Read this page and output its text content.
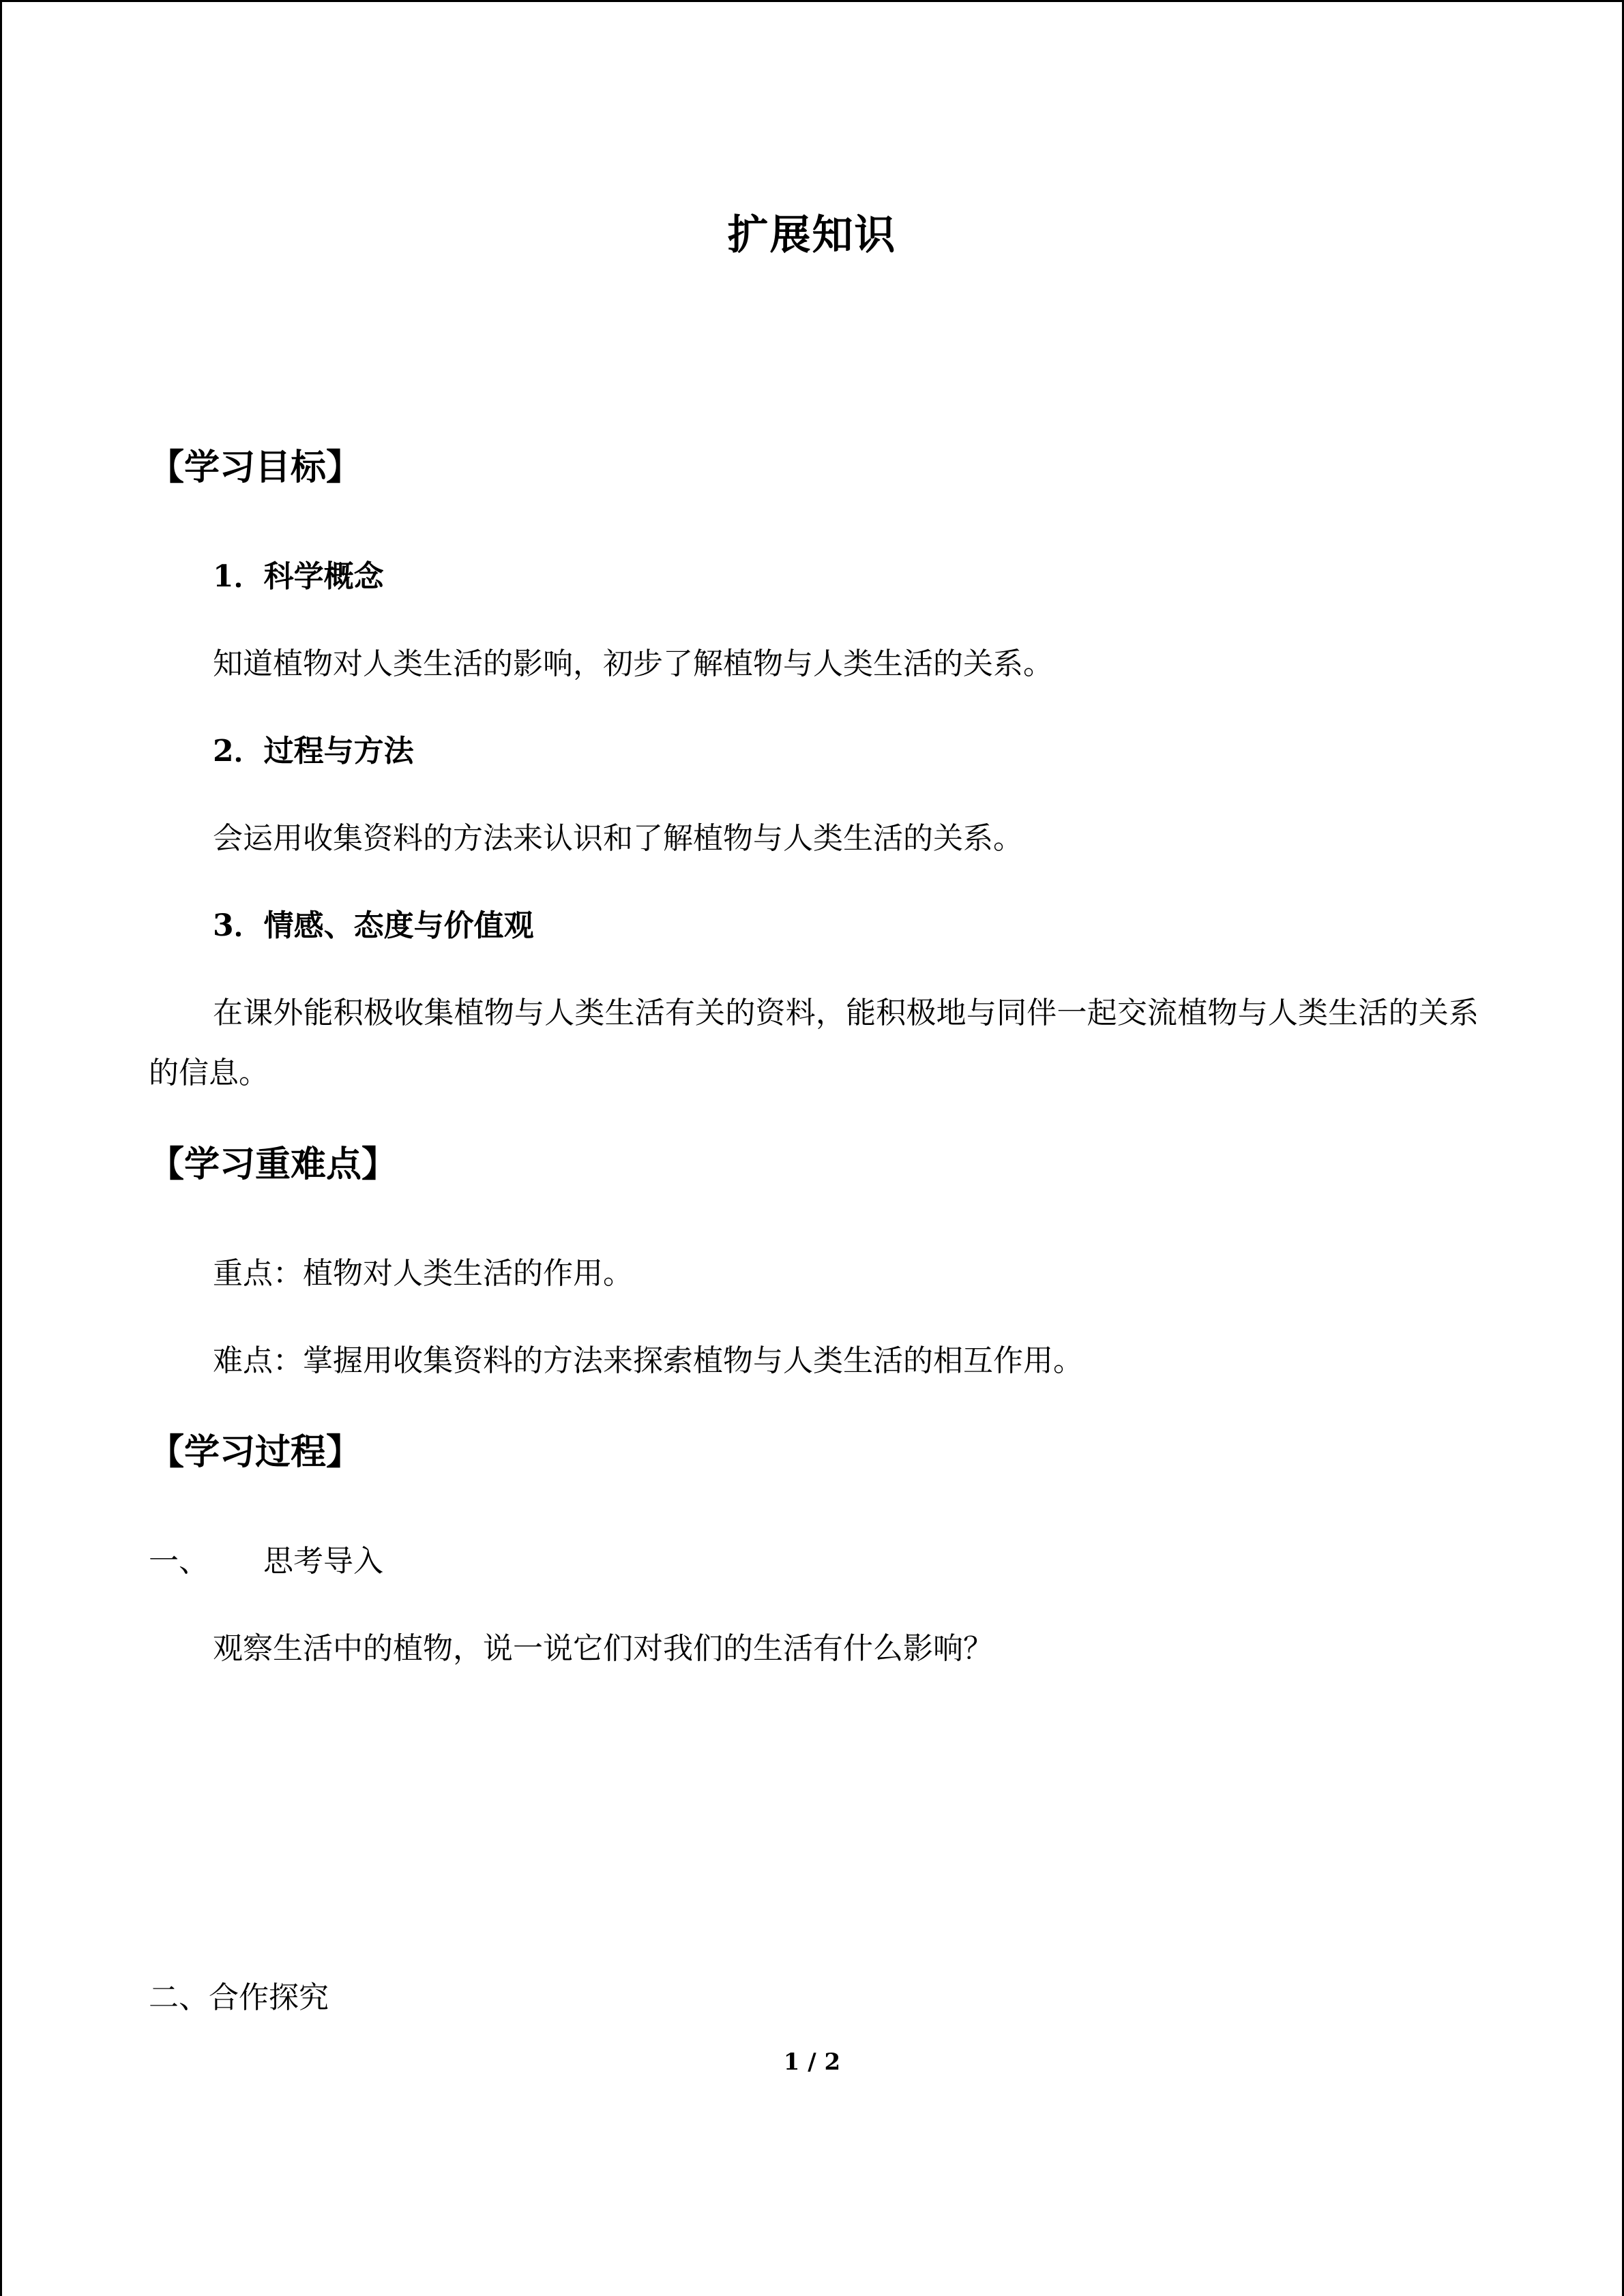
扩展知识
【学习目标】
1．科学概念
知道植物对人类生活的影响，初步了解植物与人类生活的关系。
2．过程与方法
会运用收集资料的方法来认识和了解植物与人类生活的关系。
3．情感、态度与价值观
在课外能积极收集植物与人类生活有关的资料，能积极地与同伴一起交流植物与人类生活的关系的信息。
【学习重难点】
重点：植物对人类生活的作用。
难点：掌握用收集资料的方法来探索植物与人类生活的相互作用。
【学习过程】
一、 思考导入
观察生活中的植物，说一说它们对我们的生活有什么影响？
二、合作探究
1 / 2
